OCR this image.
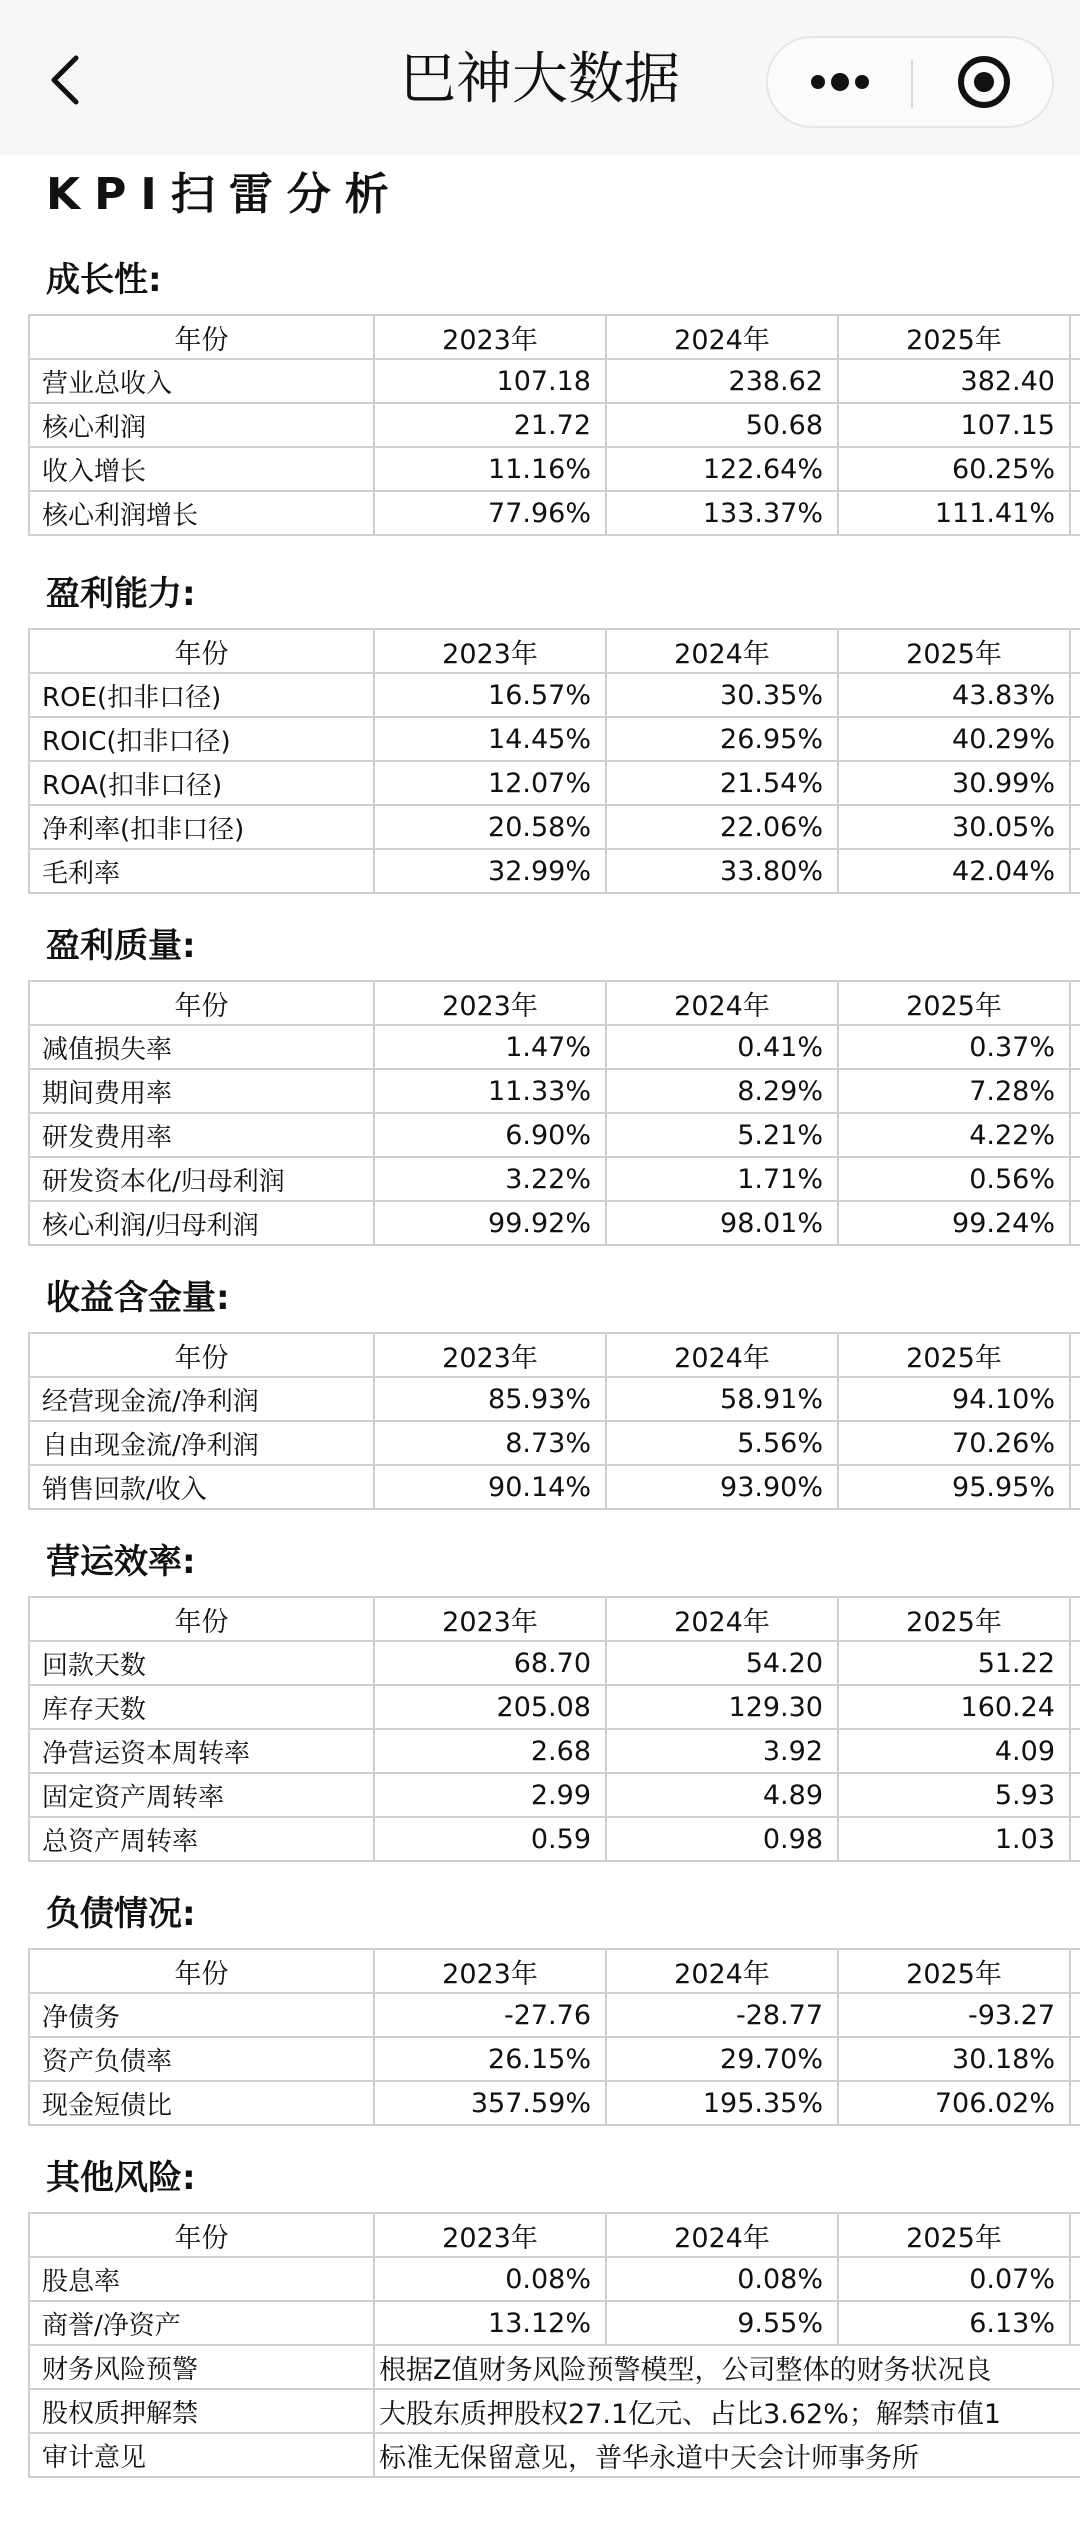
巴神大数据
KPI扫雷分析
成长性:
年份	2023年	2024年	2025年	
营业总收入	107.18	238.62	382.40	
核心利润	21.72	50.68	107.15	
收入增长	11.16%	122.64%	60.25%	
核心利润增长	77.96%	133.37%	111.41%	
盈利能力:
年份	2023年	2024年	2025年	
ROE(扣非口径)	16.57%	30.35%	43.83%	
ROIC(扣非口径)	14.45%	26.95%	40.29%	
ROA(扣非口径)	12.07%	21.54%	30.99%	
净利率(扣非口径)	20.58%	22.06%	30.05%	
毛利率	32.99%	33.80%	42.04%	
盈利质量:
年份	2023年	2024年	2025年	
减值损失率	1.47%	0.41%	0.37%	
期间费用率	11.33%	8.29%	7.28%	
研发费用率	6.90%	5.21%	4.22%	
研发资本化/归母利润	3.22%	1.71%	0.56%	
核心利润/归母利润	99.92%	98.01%	99.24%	
收益含金量:
年份	2023年	2024年	2025年	
经营现金流/净利润	85.93%	58.91%	94.10%	
自由现金流/净利润	8.73%	5.56%	70.26%	
销售回款/收入	90.14%	93.90%	95.95%	
营运效率:
年份	2023年	2024年	2025年	
回款天数	68.70	54.20	51.22	
库存天数	205.08	129.30	160.24	
净营运资本周转率	2.68	3.92	4.09	
固定资产周转率	2.99	4.89	5.93	
总资产周转率	0.59	0.98	1.03	
负债情况:
年份	2023年	2024年	2025年	
净债务	-27.76	-28.77	-93.27	
资产负债率	26.15%	29.70%	30.18%	
现金短债比	357.59%	195.35%	706.02%	
其他风险:
年份	2023年	2024年	2025年	
股息率	0.08%	0.08%	0.07%	
商誉/净资产	13.12%	9.55%	6.13%	
财务风险预警	根据Z值财务风险预警模型，公司整体的财务状况良			
股权质押解禁	大股东质押股权27.1亿元、占比3.62%；解禁市值1			
审计意见	标准无保留意见，普华永道中天会计师事务所			
